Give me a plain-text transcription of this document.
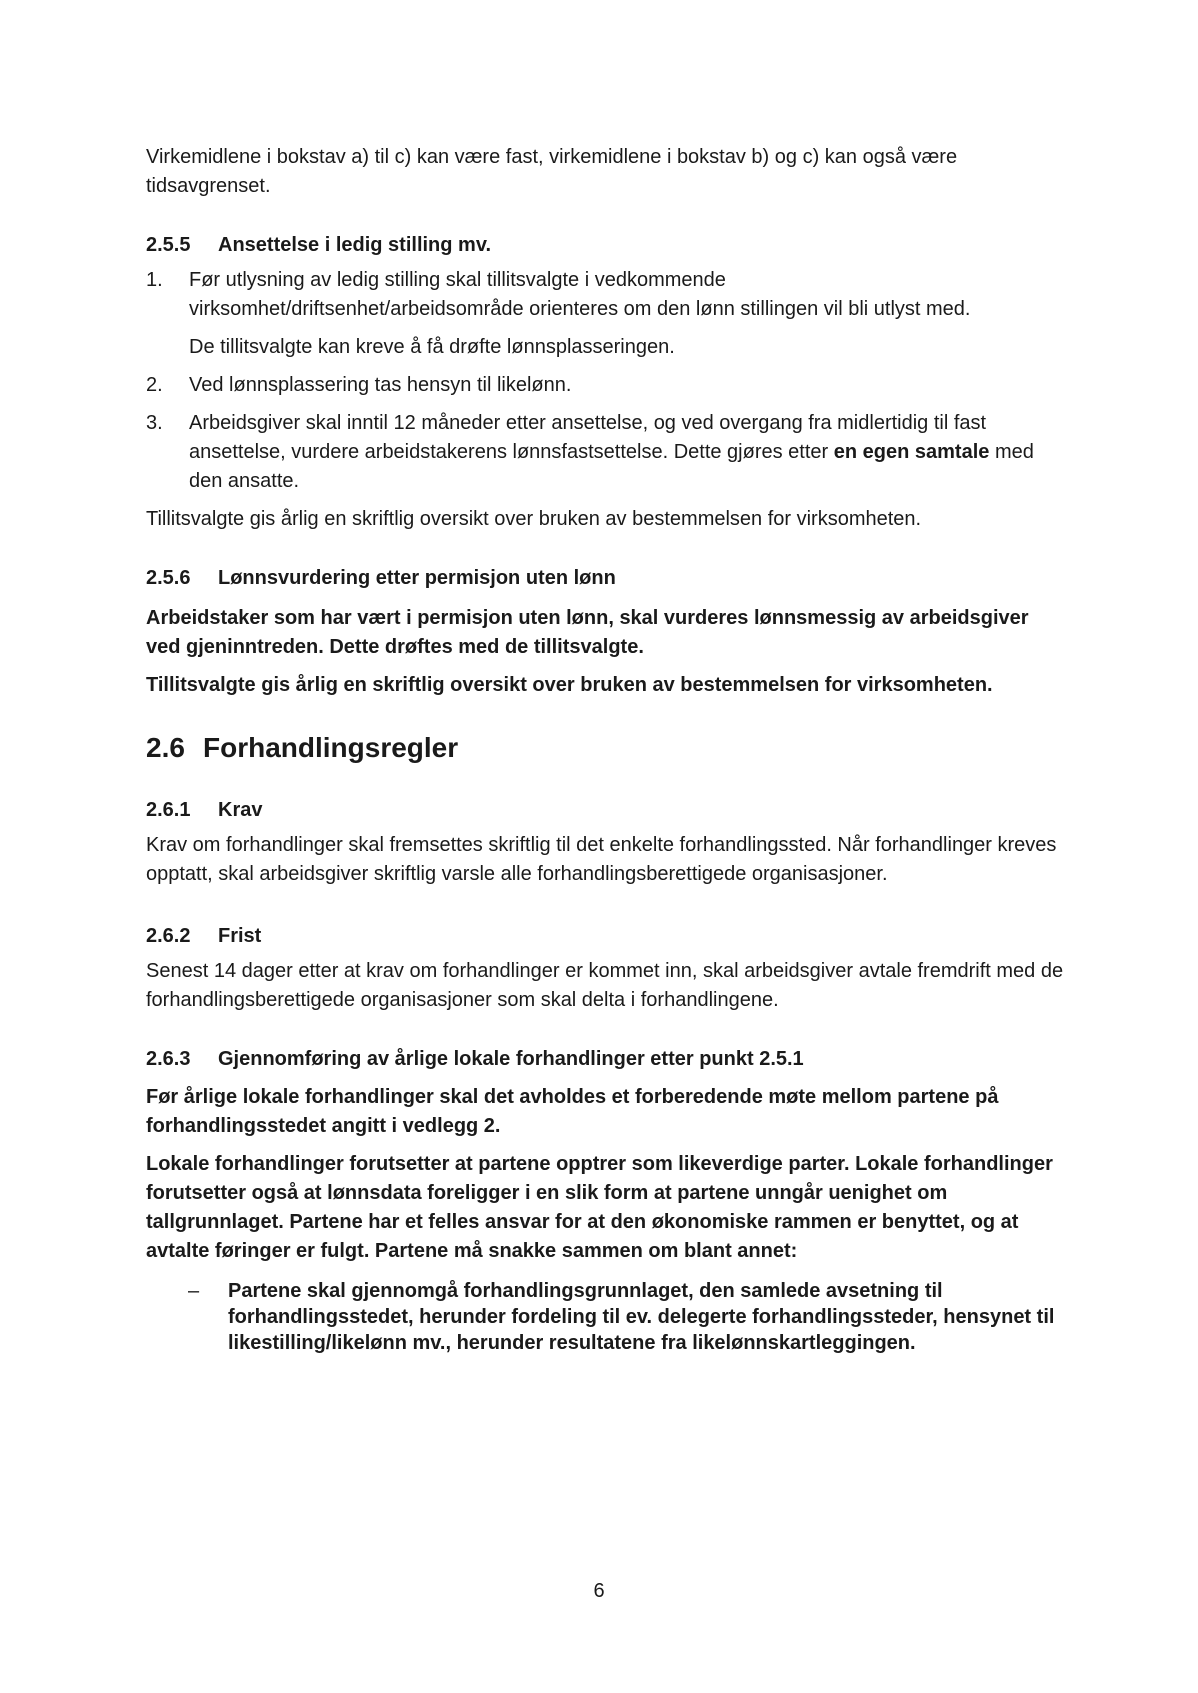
Virkemidlene i bokstav a) til c) kan være fast, virkemidlene i bokstav b) og c) kan også være tidsavgrenset.

2.5.5 Ansettelse i ledig stilling mv.
1.	Før utlysning av ledig stilling skal tillitsvalgte i vedkommende virksomhet/driftsenhet/arbeidsområde orienteres om den lønn stillingen vil bli utlyst med.

De tillitsvalgte kan kreve å få drøfte lønnsplasseringen.

2.	Ved lønnsplassering tas hensyn til likelønn.

3.	Arbeidsgiver skal inntil 12 måneder etter ansettelse, og ved overgang fra midlertidig til fast ansettelse, vurdere arbeidstakerens lønnsfastsettelse. Dette gjøres etter en egen samtale med den ansatte.

Tillitsvalgte gis årlig en skriftlig oversikt over bruken av bestemmelsen for virksomheten.

2.5.6 Lønnsvurdering etter permisjon uten lønn

Arbeidstaker som har vært i permisjon uten lønn, skal vurderes lønnsmessig av arbeidsgiver ved gjeninntreden. Dette drøftes med de tillitsvalgte.

Tillitsvalgte gis årlig en skriftlig oversikt over bruken av bestemmelsen for virksomheten.

2.6 Forhandlingsregler
2.6.1 Krav

Krav om forhandlinger skal fremsettes skriftlig til det enkelte forhandlingssted. Når forhandlinger kreves opptatt, skal arbeidsgiver skriftlig varsle alle forhandlingsberettigede organisasjoner.

2.6.2 Frist

Senest 14 dager etter at krav om forhandlinger er kommet inn, skal arbeidsgiver avtale fremdrift med de forhandlingsberettigede organisasjoner som skal delta i forhandlingene.

2.6.3 Gjennomføring av årlige lokale forhandlinger etter punkt 2.5.1

Før årlige lokale forhandlinger skal det avholdes et forberedende møte mellom partene på forhandlingsstedet angitt i vedlegg 2.

Lokale forhandlinger forutsetter at partene opptrer som likeverdige parter. Lokale forhandlinger forutsetter også at lønnsdata foreligger i en slik form at partene unngår uenighet om tallgrunnlaget. Partene har et felles ansvar for at den økonomiske rammen er benyttet, og at avtalte føringer er fulgt. Partene må snakke sammen om blant annet:

–	Partene skal gjennomgå forhandlingsgrunnlaget, den samlede avsetning til forhandlingsstedet, herunder fordeling til ev. delegerte forhandlingssteder, hensynet til likestilling/likelønn mv., herunder resultatene fra likelønnskartleggingen.
6
